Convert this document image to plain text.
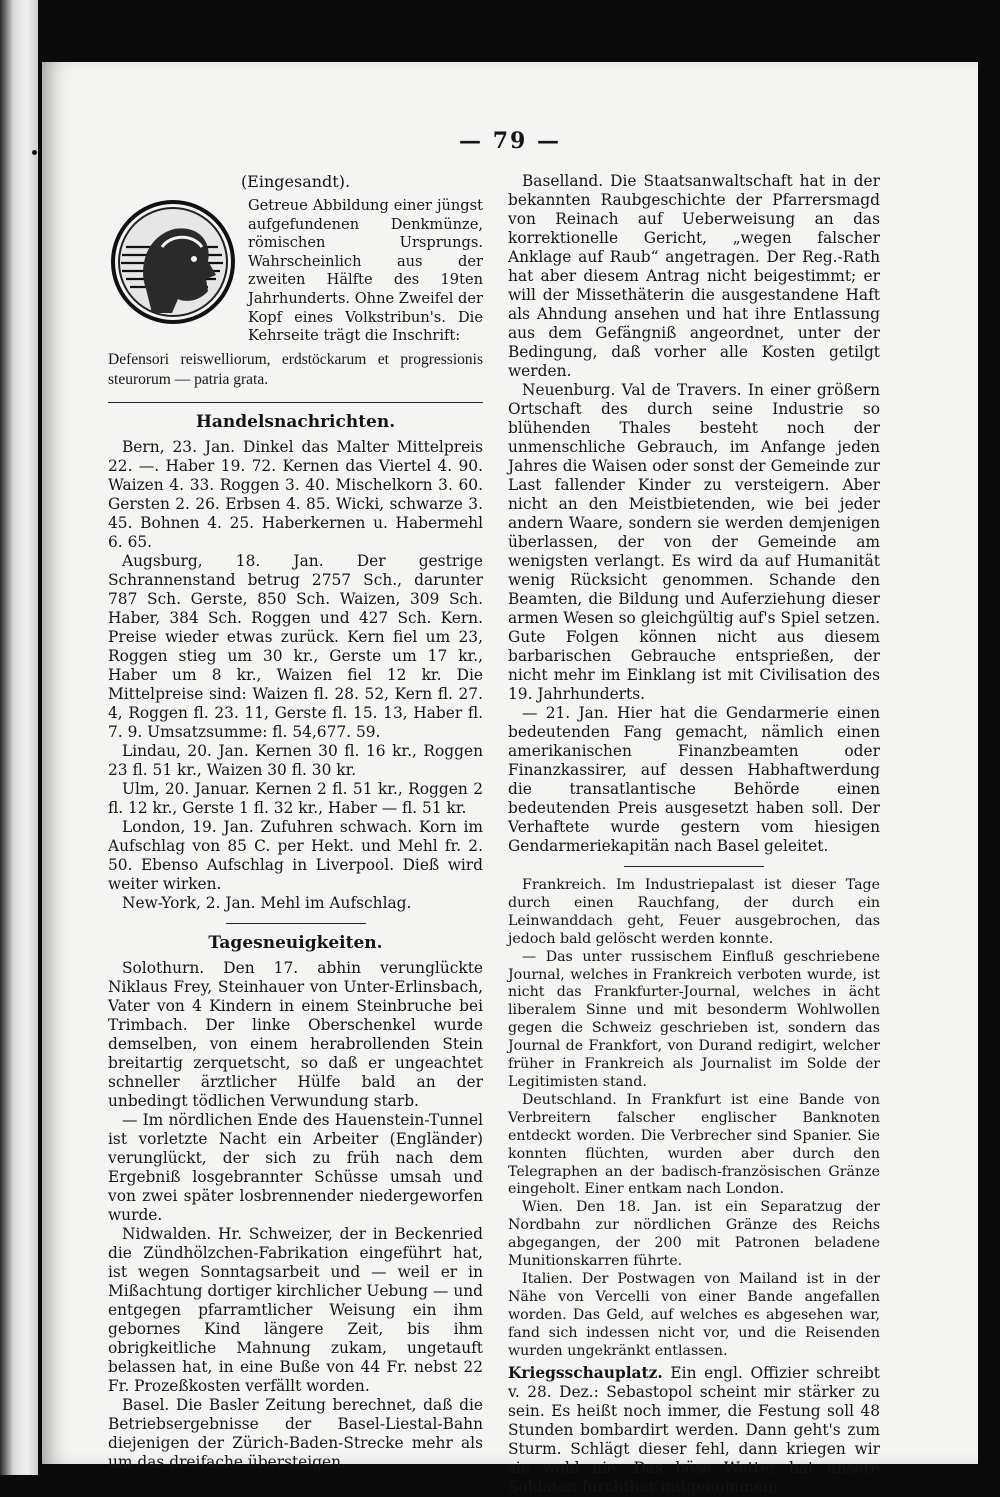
— 79 —

(Eingesandt).

Getreue Abbildung einer jüngst aufgefundenen Denkmünze, römischen Ursprungs. Wahrscheinlich aus der zweiten Hälfte des 19ten Jahrhunderts. Ohne Zweifel der Kopf eines Volkstribun's. Die Kehrseite trägt die Inschrift:

Defensori reiswelliorum, erdstöckarum et progressionis steurorum — patria grata.

Handelsnachrichten.

Bern, 23. Jan. Dinkel das Malter Mittelpreis 22. —. Haber 19. 72. Kernen das Viertel 4. 90. Waizen 4. 33. Roggen 3. 40. Mischelkorn 3. 60. Gersten 2. 26. Erbsen 4. 85. Wicki, schwarze 3. 45. Bohnen 4. 25. Haberkernen u. Habermehl 6. 65.

Augsburg, 18. Jan. Der gestrige Schrannenstand betrug 2757 Sch., darunter 787 Sch. Gerste, 850 Sch. Waizen, 309 Sch. Haber, 384 Sch. Roggen und 427 Sch. Kern. Preise wieder etwas zurück. Kern fiel um 23, Roggen stieg um 30 kr., Gerste um 17 kr., Haber um 8 kr., Waizen fiel 12 kr. Die Mittelpreise sind: Waizen fl. 28. 52, Kern fl. 27. 4, Roggen fl. 23. 11, Gerste fl. 15. 13, Haber fl. 7. 9. Umsatzsumme: fl. 54,677. 59.

Lindau, 20. Jan. Kernen 30 fl. 16 kr., Roggen 23 fl. 51 kr., Waizen 30 fl. 30 kr.

Ulm, 20. Januar. Kernen 2 fl. 51 kr., Roggen 2 fl. 12 kr., Gerste 1 fl. 32 kr., Haber — fl. 51 kr.

London, 19. Jan. Zufuhren schwach. Korn im Aufschlag von 85 C. per Hekt. und Mehl fr. 2. 50. Ebenso Aufschlag in Liverpool. Dieß wird weiter wirken.

New-York, 2. Jan. Mehl im Aufschlag.

Tagesneuigkeiten.

Solothurn. Den 17. abhin verunglückte Niklaus Frey, Steinhauer von Unter-Erlinsbach, Vater von 4 Kindern in einem Steinbruche bei Trimbach. Der linke Oberschenkel wurde demselben, von einem herabrollenden Stein breitartig zerquetscht, so daß er ungeachtet schneller ärztlicher Hülfe bald an der unbedingt tödlichen Verwundung starb.

— Im nördlichen Ende des Hauenstein-Tunnel ist vorletzte Nacht ein Arbeiter (Engländer) verunglückt, der sich zu früh nach dem Ergebniß losgebrannter Schüsse umsah und von zwei später losbrennender niedergeworfen wurde.

Nidwalden. Hr. Schweizer, der in Beckenried die Zündhölzchen-Fabrikation eingeführt hat, ist wegen Sonntagsarbeit und — weil er in Mißachtung dortiger kirchlicher Uebung — und entgegen pfarramtlicher Weisung ein ihm gebornes Kind längere Zeit, bis ihm obrigkeitliche Mahnung zukam, ungetauft belassen hat, in eine Buße von 44 Fr. nebst 22 Fr. Prozeßkosten verfällt worden.

Basel. Die Basler Zeitung berechnet, daß die Betriebsergebnisse der Basel-Liestal-Bahn diejenigen der Zürich-Baden-Strecke mehr als um das dreifache übersteigen.

Baselland. Die Staatsanwaltschaft hat in der bekannten Raubgeschichte der Pfarrersmagd von Reinach auf Ueberweisung an das korrektionelle Gericht, „wegen falscher Anklage auf Raub“ angetragen. Der Reg.-Rath hat aber diesem Antrag nicht beigestimmt; er will der Missethäterin die ausgestandene Haft als Ahndung ansehen und hat ihre Entlassung aus dem Gefängniß angeordnet, unter der Bedingung, daß vorher alle Kosten getilgt werden.

Neuenburg. Val de Travers. In einer größern Ortschaft des durch seine Industrie so blühenden Thales besteht noch der unmenschliche Gebrauch, im Anfange jeden Jahres die Waisen oder sonst der Gemeinde zur Last fallender Kinder zu versteigern. Aber nicht an den Meistbietenden, wie bei jeder andern Waare, sondern sie werden demjenigen überlassen, der von der Gemeinde am wenigsten verlangt. Es wird da auf Humanität wenig Rücksicht genommen. Schande den Beamten, die Bildung und Auferziehung dieser armen Wesen so gleichgültig auf's Spiel setzen. Gute Folgen können nicht aus diesem barbarischen Gebrauche entsprießen, der nicht mehr im Einklang ist mit Civilisation des 19. Jahrhunderts.

— 21. Jan. Hier hat die Gendarmerie einen bedeutenden Fang gemacht, nämlich einen amerikanischen Finanzbeamten oder Finanzkassirer, auf dessen Habhaftwerdung die transatlantische Behörde einen bedeutenden Preis ausgesetzt haben soll. Der Verhaftete wurde gestern vom hiesigen Gendarmeriekapitän nach Basel geleitet.

Frankreich. Im Industriepalast ist dieser Tage durch einen Rauchfang, der durch ein Leinwanddach geht, Feuer ausgebrochen, das jedoch bald gelöscht werden konnte.

— Das unter russischem Einfluß geschriebene Journal, welches in Frankreich verboten wurde, ist nicht das Frankfurter-Journal, welches in ächt liberalem Sinne und mit besonderm Wohlwollen gegen die Schweiz geschrieben ist, sondern das Journal de Frankfort, von Durand redigirt, welcher früher in Frankreich als Journalist im Solde der Legitimisten stand.

Deutschland. In Frankfurt ist eine Bande von Verbreitern falscher englischer Banknoten entdeckt worden. Die Verbrecher sind Spanier. Sie konnten flüchten, wurden aber durch den Telegraphen an der badisch-französischen Gränze eingeholt. Einer entkam nach London.

Wien. Den 18. Jan. ist ein Separatzug der Nordbahn zur nördlichen Gränze des Reichs abgegangen, der 200 mit Patronen beladene Munitionskarren führte.

Italien. Der Postwagen von Mailand ist in der Nähe von Vercelli von einer Bande angefallen worden. Das Geld, auf welches es abgesehen war, fand sich indessen nicht vor, und die Reisenden wurden ungekränkt entlassen.

Kriegsschauplatz. Ein engl. Offizier schreibt v. 28. Dez.: Sebastopol scheint mir stärker zu sein. Es heißt noch immer, die Festung soll 48 Stunden bombardirt werden. Dann geht's zum Sturm. Schlägt dieser fehl, dann kriegen wir sie wohl nie. Das böse Wetter hat unsere Soldaten furchtbar mitgenommen;
